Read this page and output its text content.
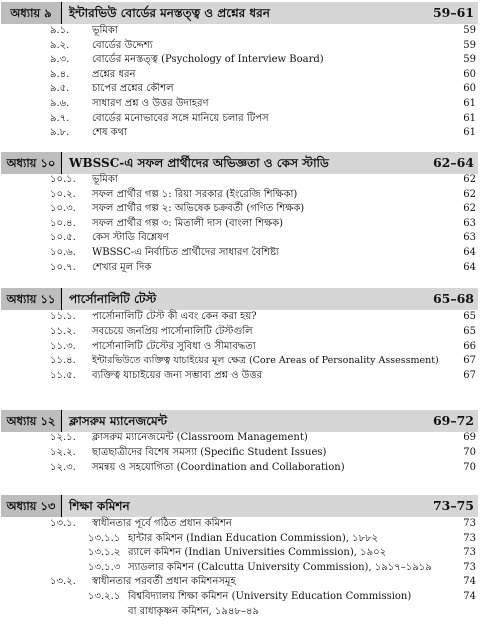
অধ্যায় ৯	ইন্টারভিউ বোর্ডের মনস্তত্ত্ব ও প্রশ্নের ধরন	59–61
৯.১. ভূমিকা	59
৯.২. বোর্ডের উদ্দেশ্য	59
৯.৩. বোর্ডের মনস্তত্ত্ব (Psychology of Interview Board)	59
৯.৪. প্রশ্নের ধরন	60
৯.৫. চাপের প্রশ্নের কৌশল	60
৯.৬. সাধারণ প্রশ্ন ও উত্তর উদাহরণ	61
৯.৭. বোর্ডের মনোভাবের সঙ্গে মানিয়ে চলার টিপস	61
৯.৮. শেষ কথা	61
অধ্যায় ১০	WBSSC-এ সফল প্রার্থীদের অভিজ্ঞতা ও কেস স্টাডি	62–64
১০.১. ভূমিকা	62
১০.২. সফল প্রার্থীর গল্প ১: রিয়া সরকার (ইংরেজি শিক্ষিকা)	62
১০.৩. সফল প্রার্থীর গল্প ২: অভিষেক চক্রবর্তী (গণিত শিক্ষক)	62
১০.৪. সফল প্রার্থীর গল্প ৩: মিতালী দাস (বাংলা শিক্ষক)	63
১০.৫. কেস স্টাডি বিশ্লেষণ	63
১০.৬. WBSSC-এ নির্বাচিত প্রার্থীদের সাধারণ বৈশিষ্ট্য	64
১০.৭. শেখার মূল দিক	64
অধ্যায় ১১	পার্সোনালিটি টেস্ট	65–68
১১.১. পার্সোনালিটি টেস্ট কী এবং কেন করা হয়?	65
১১.২. সবচেয়ে জনপ্রিয় পার্সোনালিটি টেস্টগুলি	65
১১.৩. পার্সোনালিটি টেস্টের সুবিধা ও সীমাবদ্ধতা	66
১১.৪. ইন্টারভিউতে ব্যক্তিত্ব যাচাইয়ের মূল ক্ষেত্র (Core Areas of Personality Assessment) 67
১১.৫. ব্যক্তিত্ব যাচাইয়ের জন্য সম্ভাব্য প্রশ্ন ও উত্তর	67
অধ্যায় ১২	ক্লাসরুম ম্যানেজমেন্ট	69–72
১২.১. ক্লাসরুম ম্যানেজমেন্ট (Classroom Management)	69
১২.২. ছাত্রছাত্রীদের বিশেষ সমস্যা (Specific Student Issues)	70
১২.৩. সমন্বয় ও সহযোগিতা (Coordination and Collaboration)	70
অধ্যায় ১৩	শিক্ষা কমিশন	73–75
১৩.১. স্বাধীনতার পূর্বে গঠিত প্রধান কমিশন	73
১৩.১.১ হান্টার কমিশন (Indian Education Commission), ১৮৮২	73
১৩.১.২ র‍্যালে কমিশন (Indian Universities Commission), ১৯০২	73
১৩.১.৩ স্যাডলার কমিশন (Calcutta University Commission), ১৯১৭–১৯১৯	73
১৩.২. স্বাধীনতার পরবর্তী প্রধান কমিশনসমূহ	74
১৩.২.১ বিশ্ববিদ্যালয় শিক্ষা কমিশন (University Education Commission)	74
বা রাধাকৃষ্ণন কমিশন, ১৯৪৮–৪৯
